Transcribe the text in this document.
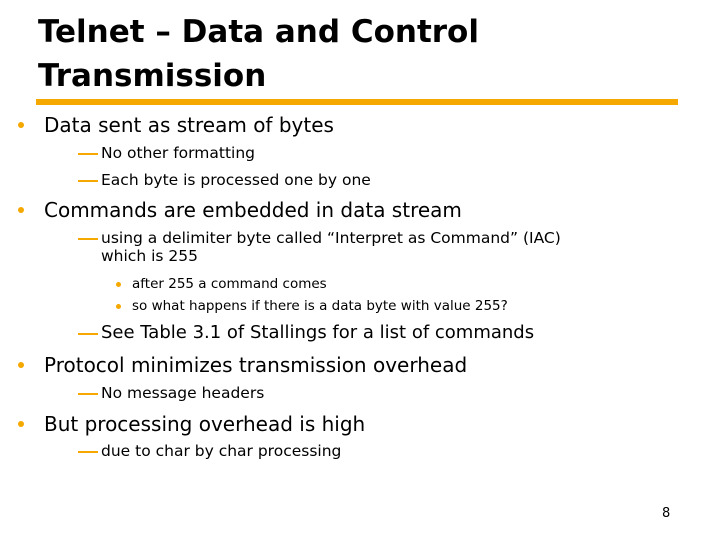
Telnet – Data and Control Transmission
Data sent as stream of bytes
No other formatting
Each byte is processed one by one
Commands are embedded in data stream
using a delimiter byte called “Interpret as Command” (IAC)
which is 255
after 255 a command comes
so what happens if there is a data byte with value 255?
See Table 3.1 of Stallings for a list of commands
Protocol minimizes transmission overhead
No message headers
But processing overhead is high
due to char by char processing
8
